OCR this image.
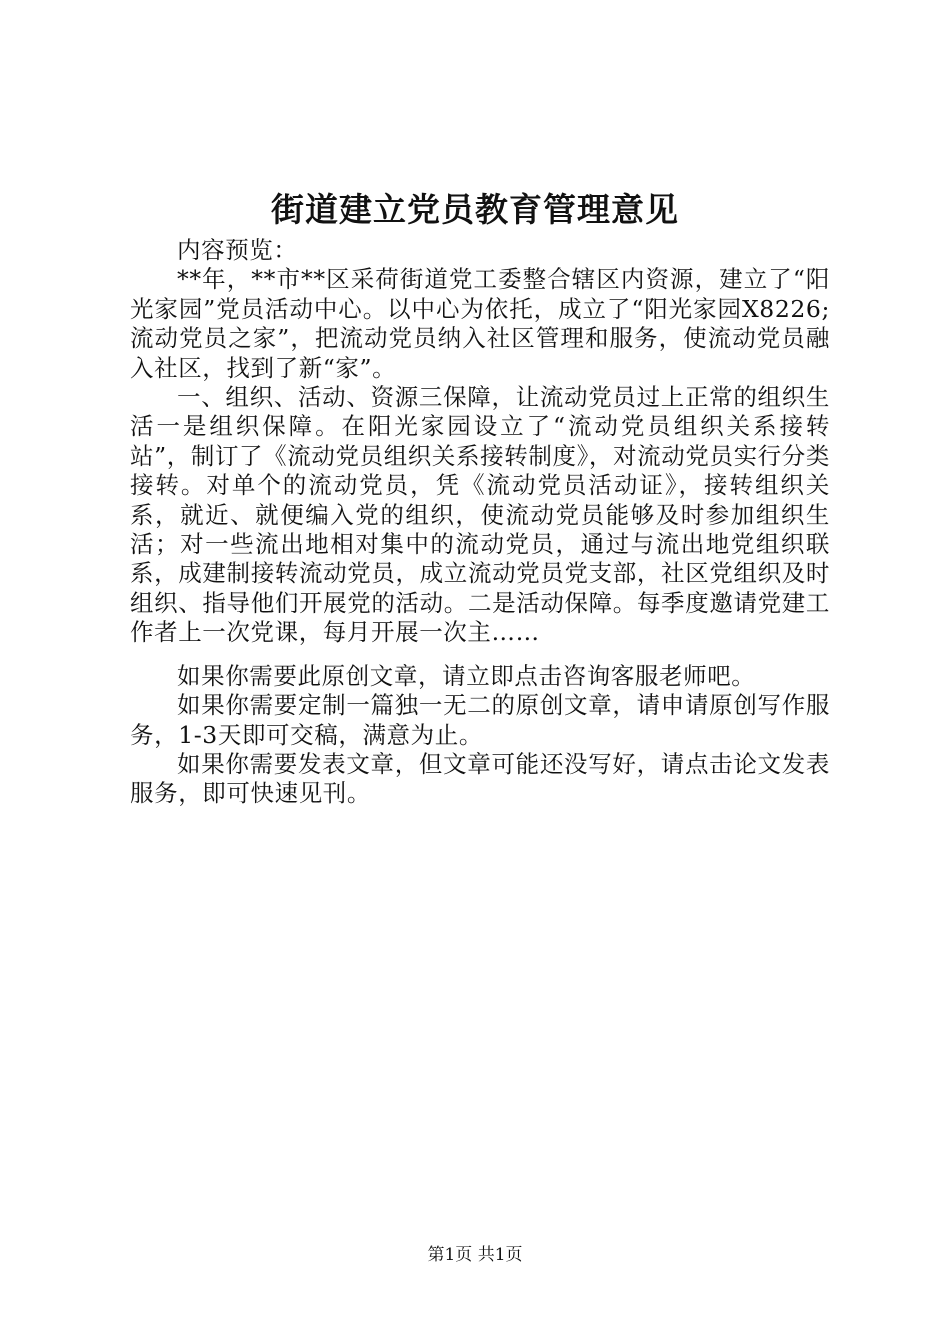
街道建立党员教育管理意见

内容预览：

**年，**市**区采荷街道党工委整合辖区内资源，建立了“阳光家园”党员活动中心。以中心为依托，成立了“阳光家园X8226;流动党员之家”，把流动党员纳入社区管理和服务，使流动党员融入社区，找到了新“家”。

一、组织、活动、资源三保障，让流动党员过上正常的组织生活一是组织保障。在阳光家园设立了“流动党员组织关系接转站”，制订了《流动党员组织关系接转制度》，对流动党员实行分类接转。对单个的流动党员，凭《流动党员活动证》，接转组织关系，就近、就便编入党的组织，使流动党员能够及时参加组织生活；对一些流出地相对集中的流动党员，通过与流出地党组织联系，成建制接转流动党员，成立流动党员党支部，社区党组织及时组织、指导他们开展党的活动。二是活动保障。每季度邀请党建工作者上一次党课，每月开展一次主……

如果你需要此原创文章，请立即点击咨询客服老师吧。

如果你需要定制一篇独一无二的原创文章，请申请原创写作服务，1-3天即可交稿，满意为止。

如果你需要发表文章，但文章可能还没写好，请点击论文发表服务，即可快速见刊。

第1页 共1页
